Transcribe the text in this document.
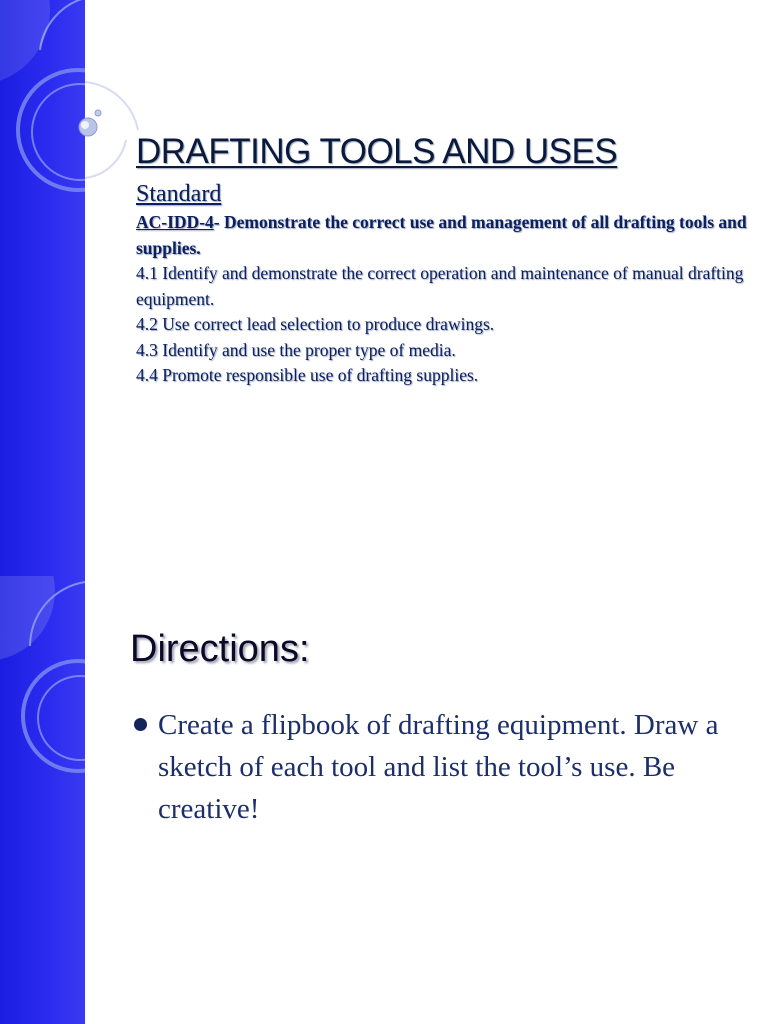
DRAFTING TOOLS AND USES
Standard

AC-IDD-4- Demonstrate the correct use and management of all drafting tools and supplies.

4.1 Identify and demonstrate the correct operation and maintenance of manual drafting equipment.

4.2 Use correct lead selection to produce drawings.

4.3 Identify and use the proper type of media.

4.4 Promote responsible use of drafting supplies.

Directions:
Create a flipbook of drafting equipment. Draw a sketch of each tool and list the tool’s use. Be creative!
